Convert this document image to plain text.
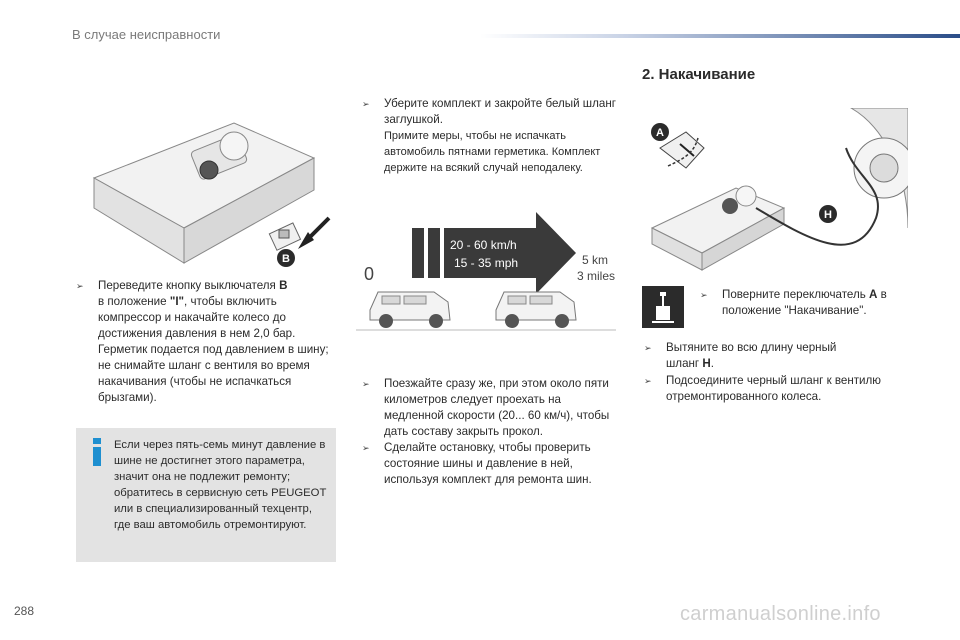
В случае неисправности
B
➢ Переведите кнопку выключателя B
в положение "I", чтобы включить компрессор и накачайте колесо до достижения давления в нем 2,0 бар. Герметик подается под давлением в шину; не снимайте шланг с вентиля во время накачивания (чтобы не испачкаться брызгами).
Если через пять-семь минут давление в шине не достигнет этого параметра, значит она не подлежит ремонту; обратитесь в сервисную сеть PEUGEOT или в специализированный техцентр, где ваш автомобиль отремонтируют.
➢ Уберите комплект и закройте белый шланг заглушкой.
Примите меры, чтобы не испачкать автомобиль пятнами герметика. Комплект держите на всякий случай неподалеку.
20 - 60 km/h
15 - 35 mph
0
5 km
3 miles
➢ Поезжайте сразу же, при этом около пяти километров следует проехать на медленной скорости (20... 60 км/ч), чтобы дать составу закрыть прокол.
➢ Сделайте остановку, чтобы проверить состояние шины и давление в ней, используя комплект для ремонта шин.
2. Накачивание
A
H
➢ Поверните переключатель A в положение "Накачивание".
➢ Вытяните во всю длину черный шланг H.
➢ Подсоедините черный шланг к вентилю отремонтированного колеса.
288	carmanualsonline.info
